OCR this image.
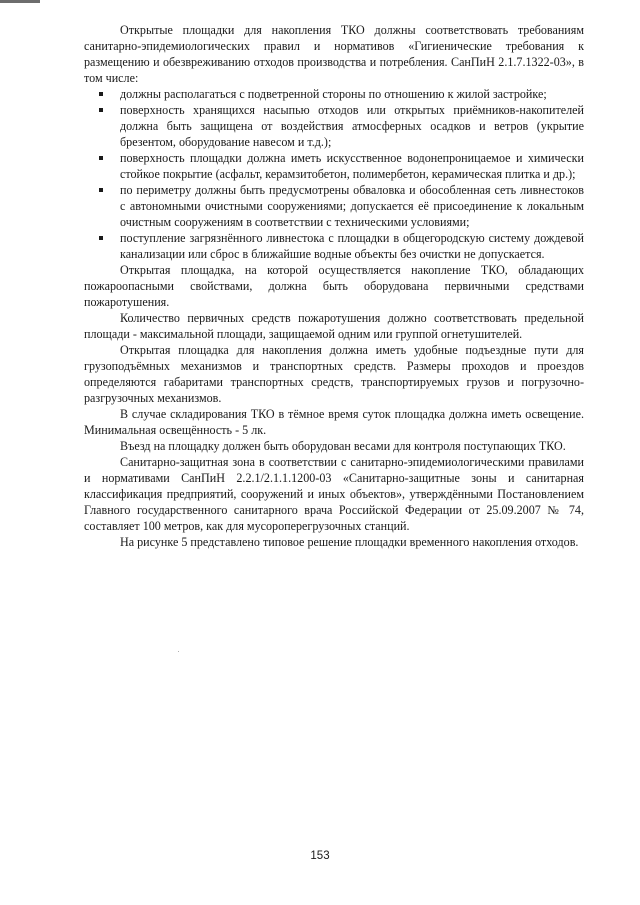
Открытые площадки для накопления ТКО должны соответствовать требованиям санитарно-эпидемиологических правил и нормативов «Гигиенические требования к размещению и обезвреживанию отходов производства и потребления. СанПиН 2.1.7.1322-03», в том числе:

должны располагаться с подветренной стороны по отношению к жилой застройке;
поверхность хранящихся насыпью отходов или открытых приёмников-накопителей должна быть защищена от воздействия атмосферных осадков и ветров (укрытие брезентом, оборудование навесом и т.д.);
поверхность площадки должна иметь искусственное водонепроницаемое и химически стойкое покрытие (асфальт, керамзитобетон, полимербетон, керамическая плитка и др.);
по периметру должны быть предусмотрены обваловка и обособленная сеть ливнестоков с автономными очистными сооружениями; допускается её присоединение к локальным очистным сооружениям в соответствии с техническими условиями;
поступление загрязнённого ливнестока с площадки в общегородскую систему дождевой канализации или сброс в ближайшие водные объекты без очистки не допускается.

Открытая площадка, на которой осуществляется накопление ТКО, обладающих пожароопасными свойствами, должна быть оборудована первичными средствами пожаротушения.

Количество первичных средств пожаротушения должно соответствовать предельной площади - максимальной площади, защищаемой одним или группой огнетушителей.

Открытая площадка для накопления должна иметь удобные подъездные пути для грузоподъёмных механизмов и транспортных средств. Размеры проходов и проездов определяются габаритами транспортных средств, транспортируемых грузов и погрузочно-разгрузочных механизмов.

В случае складирования ТКО в тёмное время суток площадка должна иметь освещение. Минимальная освещённость - 5 лк.

Въезд на площадку должен быть оборудован весами для контроля поступающих ТКО.

Санитарно-защитная зона в соответствии с санитарно-эпидемиологическими правилами и нормативами СанПиН 2.2.1/2.1.1.1200-03 «Санитарно-защитные зоны и санитарная классификация предприятий, сооружений и иных объектов», утверждёнными Постановлением Главного государственного санитарного врача Российской Федерации от 25.09.2007 № 74, составляет 100 метров, как для мусороперегрузочных станций.

На рисунке 5 представлено типовое решение площадки временного накопления отходов.

153
